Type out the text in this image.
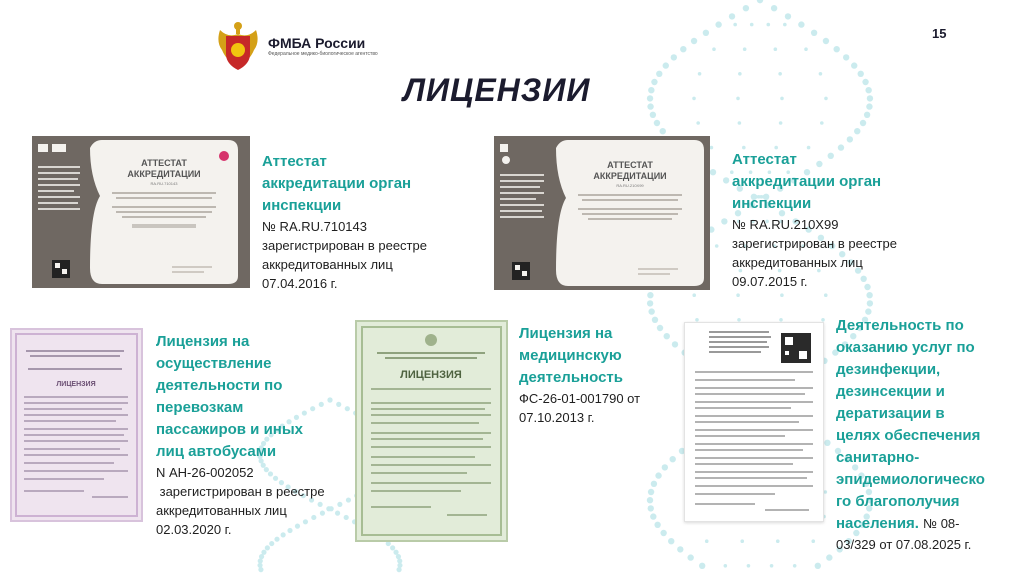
ФМБА России
Федеральное медико-биологическое агентство
15
ЛИЦЕНЗИИ
АТТЕСТАТ
АККРЕДИТАЦИИ
RA.RU.710143
Аттестат
аккредитации орган
инспекции
№ RA.RU.710143
зарегистрирован в реестре
аккредитованных лиц
07.04.2016 г.
АТТЕСТАТ
АККРЕДИТАЦИИ
RA.RU.210X99
Аттестат
аккредитации орган
инспекции
№ RA.RU.210X99
зарегистрирован в реестре
аккредитованных лиц
09.07.2015 г.
ЛИЦЕНЗИЯ
Лицензия на
осуществление
деятельности по
перевозкам
пассажиров и иных
лиц автобусами
N АН-26-002052
зарегистрирован в реестре
аккредитованных лиц
02.03.2020 г.
ЛИЦЕНЗИЯ
Лицензия на
медицинскую
деятельность
ФС-26-01-001790 от
07.10.2013 г.
Деятельность по
оказанию услуг по
дезинфекции,
дезинсекции и
дератизации в
целях обеспечения
санитарно-
эпидемиологическо
го благополучия
населения. № 08-
03/329 от 07.08.2025 г.
